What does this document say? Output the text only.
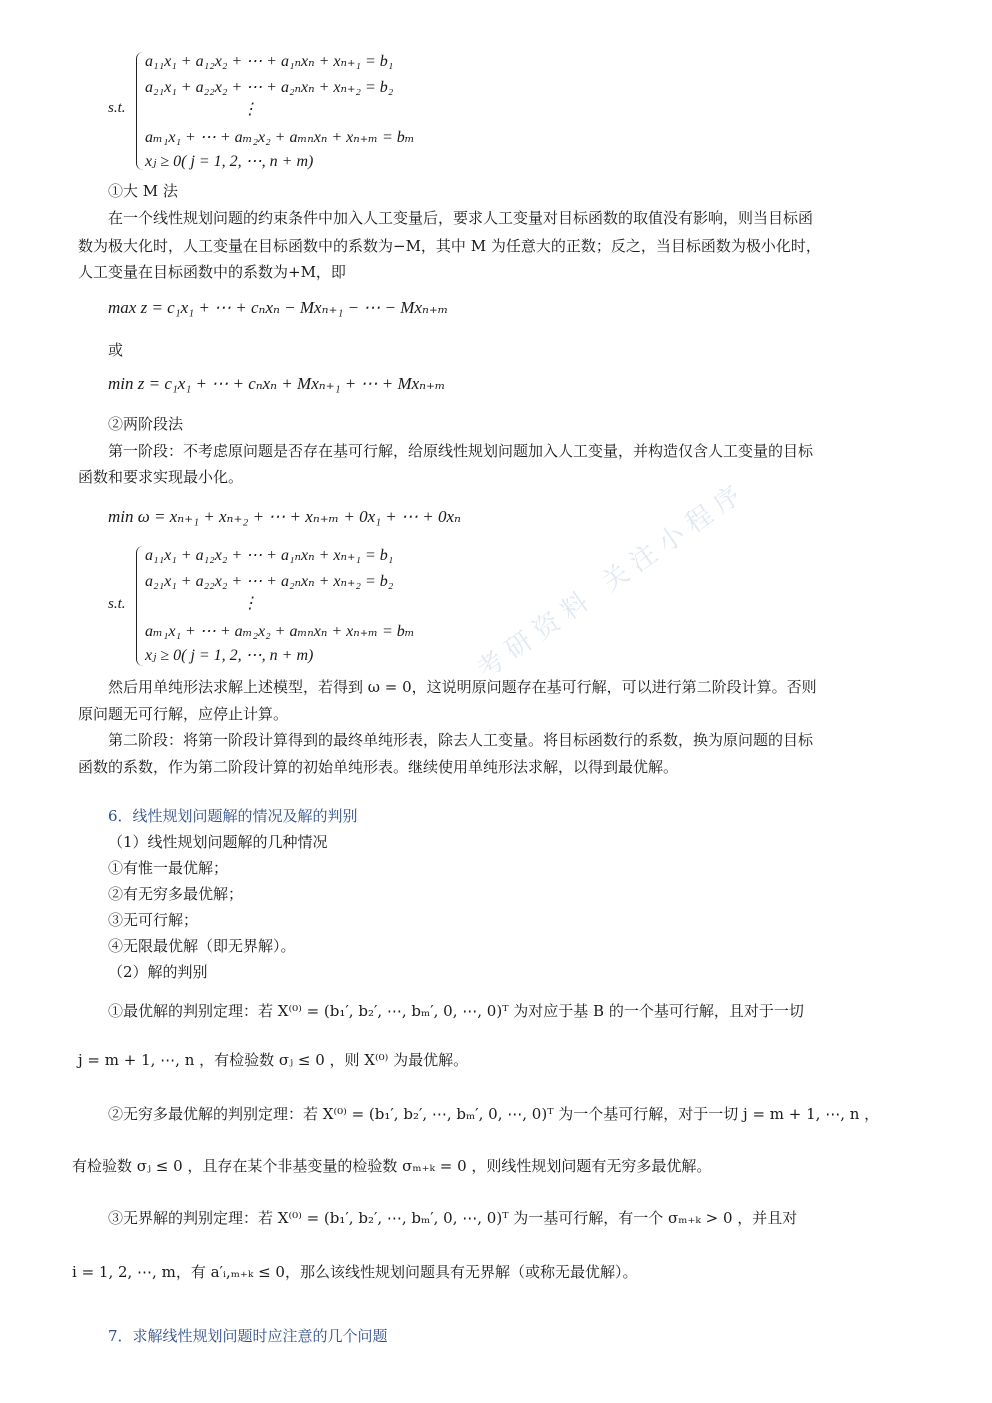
考研资料 关注小程序
s.t.
a₁₁x₁ + a₁₂x₂ + ⋯ + a₁ₙxₙ + xₙ₊₁ = b₁
a₂₁x₁ + a₂₂x₂ + ⋯ + a₂ₙxₙ + xₙ₊₂ = b₂
⋮
aₘ₁x₁ + ⋯ + aₘ₂x₂ + aₘₙxₙ + xₙ₊ₘ = bₘ
xⱼ ≥ 0( j = 1, 2, ⋯, n + m)
①大 M 法
在一个线性规划问题的约束条件中加入人工变量后，要求人工变量对目标函数的取值没有影响，则当目标函
数为极大化时，人工变量在目标函数中的系数为−M，其中 M 为任意大的正数；反之，当目标函数为极小化时，
人工变量在目标函数中的系数为+M，即
max z = c₁x₁ + ⋯ + cₙxₙ − Mxₙ₊₁ − ⋯ − Mxₙ₊ₘ
或
min z = c₁x₁ + ⋯ + cₙxₙ + Mxₙ₊₁ + ⋯ + Mxₙ₊ₘ
②两阶段法
第一阶段：不考虑原问题是否存在基可行解，给原线性规划问题加入人工变量，并构造仅含人工变量的目标
函数和要求实现最小化。
min ω = xₙ₊₁ + xₙ₊₂ + ⋯ + xₙ₊ₘ + 0x₁ + ⋯ + 0xₙ
s.t.
a₁₁x₁ + a₁₂x₂ + ⋯ + a₁ₙxₙ + xₙ₊₁ = b₁
a₂₁x₁ + a₂₂x₂ + ⋯ + a₂ₙxₙ + xₙ₊₂ = b₂
⋮
aₘ₁x₁ + ⋯ + aₘ₂x₂ + aₘₙxₙ + xₙ₊ₘ = bₘ
xⱼ ≥ 0( j = 1, 2, ⋯, n + m)
然后用单纯形法求解上述模型，若得到 ω = 0，这说明原问题存在基可行解，可以进行第二阶段计算。否则
原问题无可行解，应停止计算。
第二阶段：将第一阶段计算得到的最终单纯形表，除去人工变量。将目标函数行的系数，换为原问题的目标
函数的系数，作为第二阶段计算的初始单纯形表。继续使用单纯形法求解，以得到最优解。
6．线性规划问题解的情况及解的判别
（1）线性规划问题解的几种情况
①有惟一最优解；
②有无穷多最优解；
③无可行解；
④无限最优解（即无界解）。
（2）解的判别
①最优解的判别定理：若 X⁽⁰⁾ = (b₁′, b₂′, ⋯, bₘ′, 0, ⋯, 0)ᵀ 为对应于基 B 的一个基可行解，且对于一切
j = m + 1, ⋯, n ，有检验数 σⱼ ≤ 0 ，则 X⁽⁰⁾ 为最优解。
②无穷多最优解的判别定理：若 X⁽⁰⁾ = (b₁′, b₂′, ⋯, bₘ′, 0, ⋯, 0)ᵀ 为一个基可行解，对于一切 j = m + 1, ⋯, n ，
有检验数 σⱼ ≤ 0 ，且存在某个非基变量的检验数 σₘ₊ₖ = 0 ，则线性规划问题有无穷多最优解。
③无界解的判别定理：若 X⁽⁰⁾ = (b₁′, b₂′, ⋯, bₘ′, 0, ⋯, 0)ᵀ 为一基可行解，有一个 σₘ₊ₖ > 0 ，并且对
i = 1, 2, ⋯, m，有 a′ᵢ,ₘ₊ₖ ≤ 0，那么该线性规划问题具有无界解（或称无最优解）。
7．求解线性规划问题时应注意的几个问题
